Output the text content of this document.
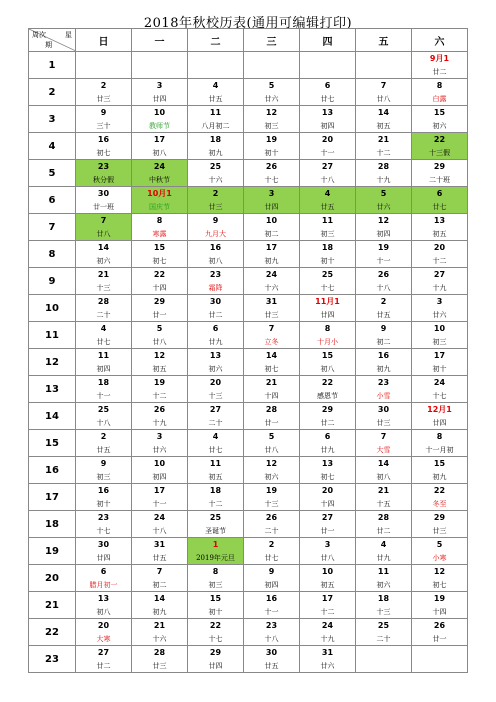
2018年秋校历表(通用可编辑打印)
周次 星
期	日	一	二	三	四	五	六
1							9月1
							廿二
2	2	3	4	5	6	7	8
	廿三	廿四	廿五	廿六	廿七	廿八	白露
3	9	10	11	12	13	14	15
	三十	教师节	八月初二	初三	初四	初五	初六
4	16	17	18	19	20	21	22
	初七	初八	初九	初十	十一	十二	十三假
5	23	24	25	26	27	28	29
	秋分假	中秋节	十六	十七	十八	十九	二十班
6	30	10月1	2	3	4	5	6
	廿一班	国庆节	廿三	廿四	廿五	廿六	廿七
7	7	8	9	10	11	12	13
	廿八	寒露	九月大	初二	初三	初四	初五
8	14	15	16	17	18	19	20
	初六	初七	初八	初九	初十	十一	十二
9	21	22	23	24	25	26	27
	十三	十四	霜降	十六	十七	十八	十九
10	28	29	30	31	11月1	2	3
	二十	廿一	廿二	廿三	廿四	廿五	廿六
11	4	5	6	7	8	9	10
	廿七	廿八	廿九	立冬	十月小	初二	初三
12	11	12	13	14	15	16	17
	初四	初五	初六	初七	初八	初九	初十
13	18	19	20	21	22	23	24
	十一	十二	十三	十四	感恩节	小雪	十七
14	25	26	27	28	29	30	12月1
	十八	十九	二十	廿一	廿二	廿三	廿四
15	2	3	4	5	6	7	8
	廿五	廿六	廿七	廿八	廿九	大雪	十一月初
16	9	10	11	12	13	14	15
	初三	初四	初五	初六	初七	初八	初九
17	16	17	18	19	20	21	22
	初十	十一	十二	十三	十四	十五	冬至
18	23	24	25	26	27	28	29
	十七	十八	圣诞节	二十	廿一	廿二	廿三
19	30	31	1	2	3	4	5
	廿四	廿五	2019年元旦	廿七	廿八	廿九	小寒
20	6	7	8	9	10	11	12
	腊月初一	初二	初三	初四	初五	初六	初七
21	13	14	15	16	17	18	19
	初八	初九	初十	十一	十二	十三	十四
22	20	21	22	23	24	25	26
	大寒	十六	十七	十八	十九	二十	廿一
23	27	28	29	30	31		
	廿二	廿三	廿四	廿五	廿六		
